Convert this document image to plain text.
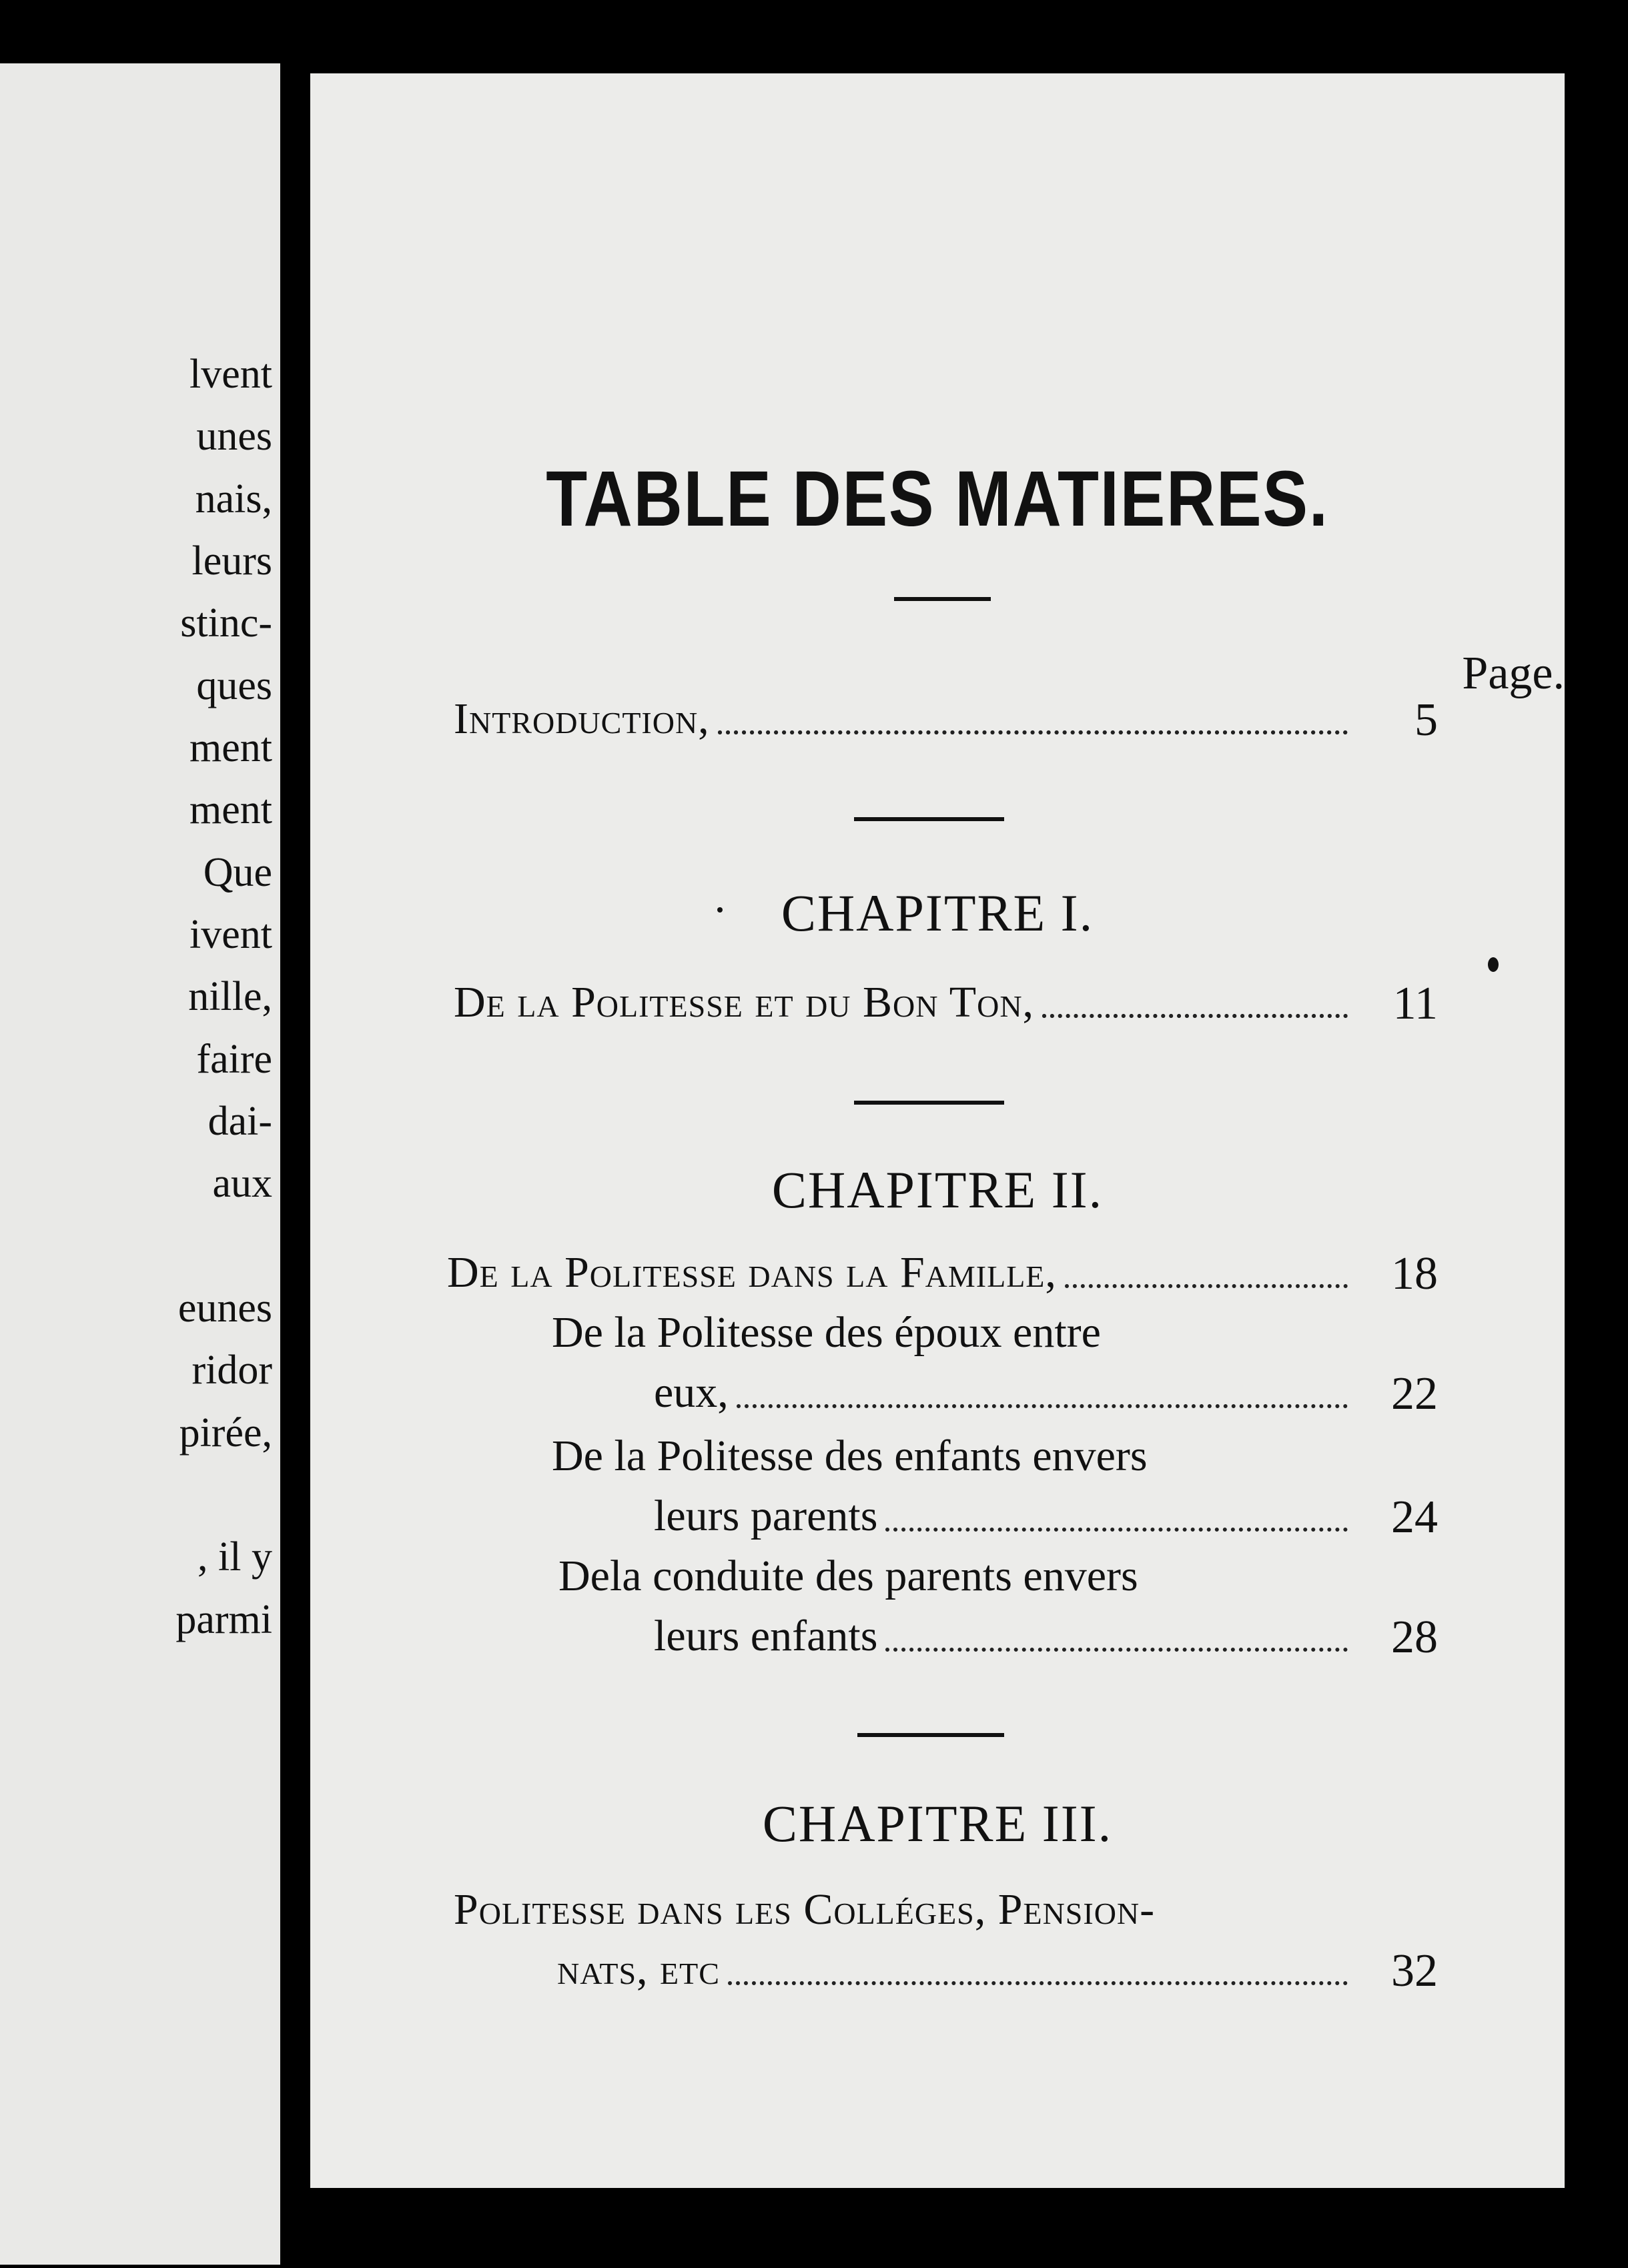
lvent
unes
nais,
leurs
stinc-
ques
ment
ment
Que
ivent
nille,
faire
dai-
aux
eunes
ridor
pirée,
, il y
parmi
TABLE DES MATIERES.
Page.
Introduction,	5
CHAPITRE I.
De la Politesse et du Bon Ton,	11
CHAPITRE II.
De la Politesse dans la Famille,	18
De la Politesse des époux entre
eux,	22
De la Politesse des enfants envers
leurs parents	24
Dela conduite des parents envers
leurs enfants	28
CHAPITRE III.
Politesse dans les Colléges, Pension-
nats, etc	32
